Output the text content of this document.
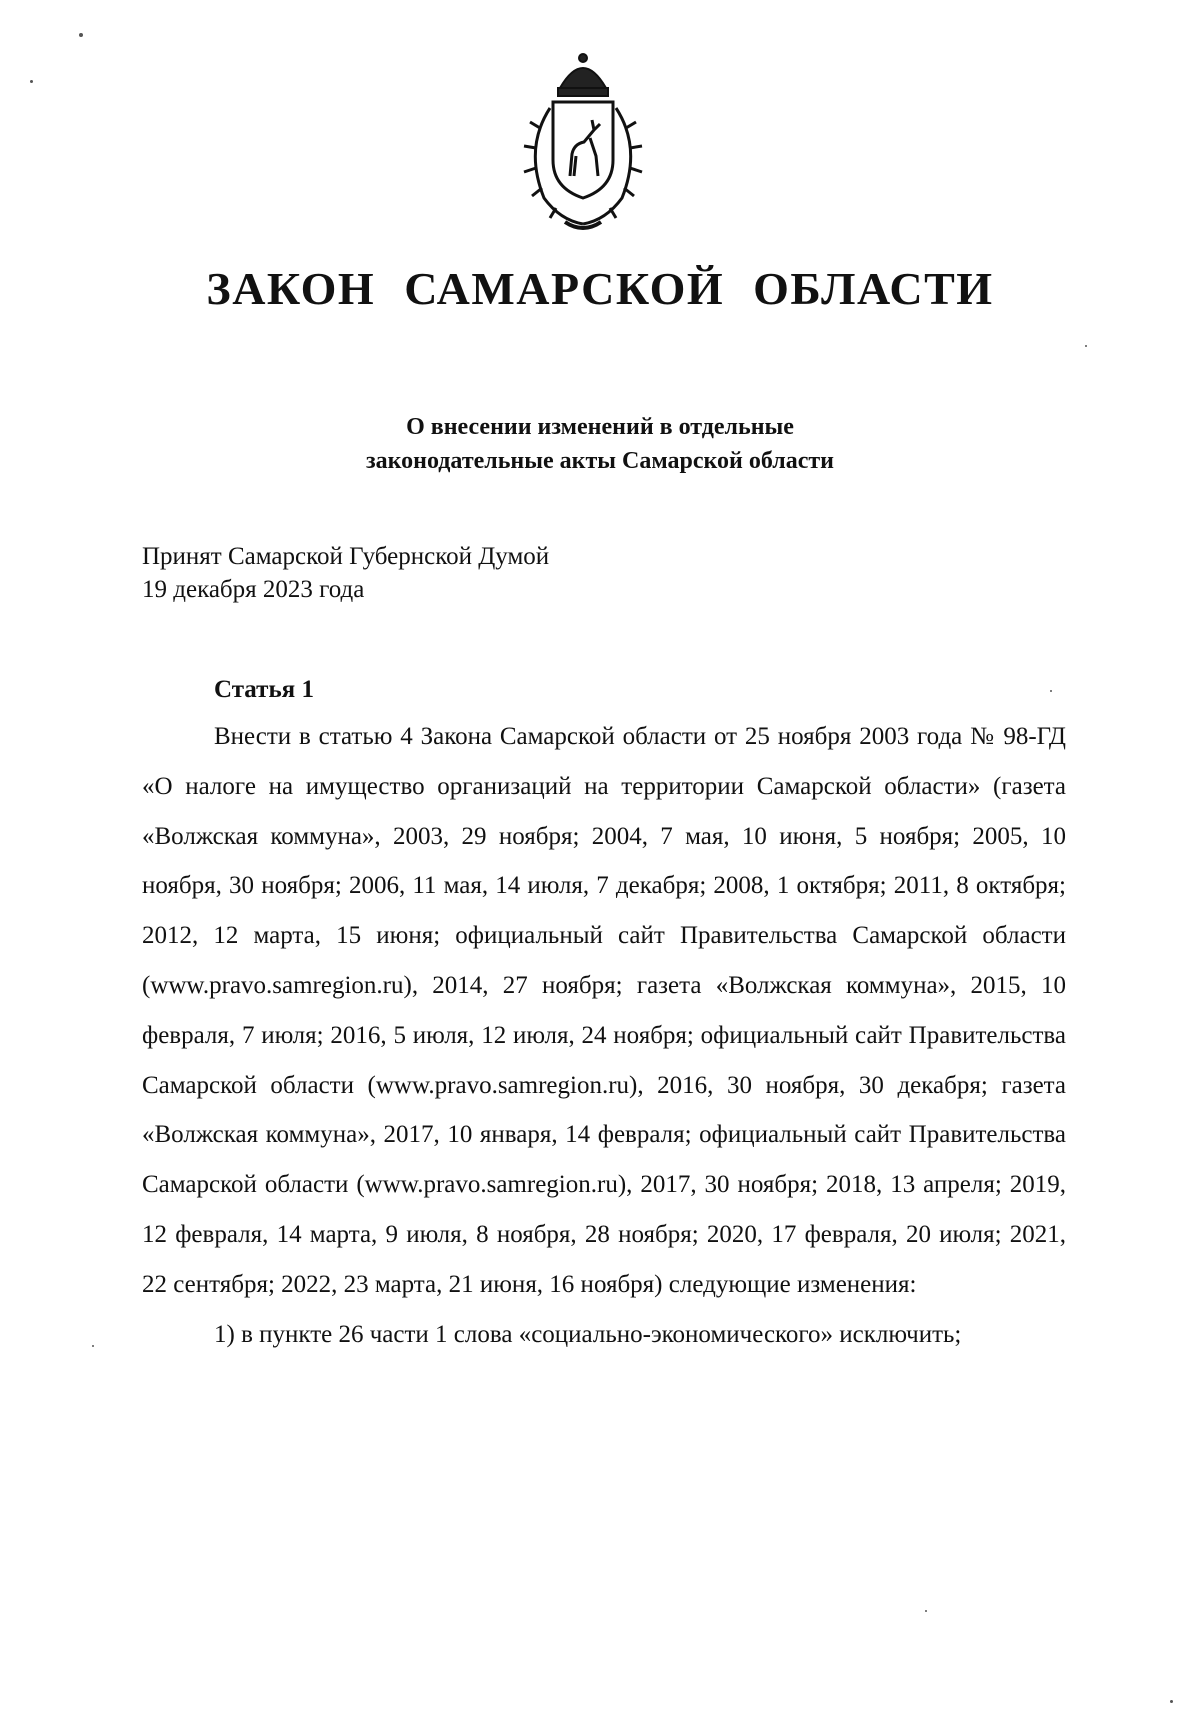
ЗАКОН САМАРСКОЙ ОБЛАСТИ
О внесении изменений в отдельные
законодательные акты Самарской области
Принят Самарской Губернской Думой
19 декабря 2023 года
Статья 1

Внести в статью 4 Закона Самарской области от 25 ноября 2003 года № 98-ГД «О налоге на имущество организаций на территории Самарской области» (газета «Волжская коммуна», 2003, 29 ноября; 2004, 7 мая, 10 июня, 5 ноября; 2005, 10 ноября, 30 ноября; 2006, 11 мая, 14 июля, 7 декабря; 2008, 1 октября; 2011, 8 октября; 2012, 12 марта, 15 июня; официальный сайт Правительства Самарской области (www.pravo.samregion.ru), 2014, 27 ноября; газета «Волжская коммуна», 2015, 10 февраля, 7 июля; 2016, 5 июля, 12 июля, 24 ноября; официальный сайт Правительства Самарской области (www.pravo.samregion.ru), 2016, 30 ноября, 30 декабря; газета «Волжская коммуна», 2017, 10 января, 14 февраля; официальный сайт Правительства Самарской области (www.pravo.samregion.ru), 2017, 30 ноября; 2018, 13 апреля; 2019, 12 февраля, 14 марта, 9 июля, 8 ноября, 28 ноября; 2020, 17 февраля, 20 июля; 2021, 22 сентября; 2022, 23 марта, 21 июня, 16 ноября) следующие изменения:

1) в пункте 26 части 1 слова «социально-экономического» исключить;
